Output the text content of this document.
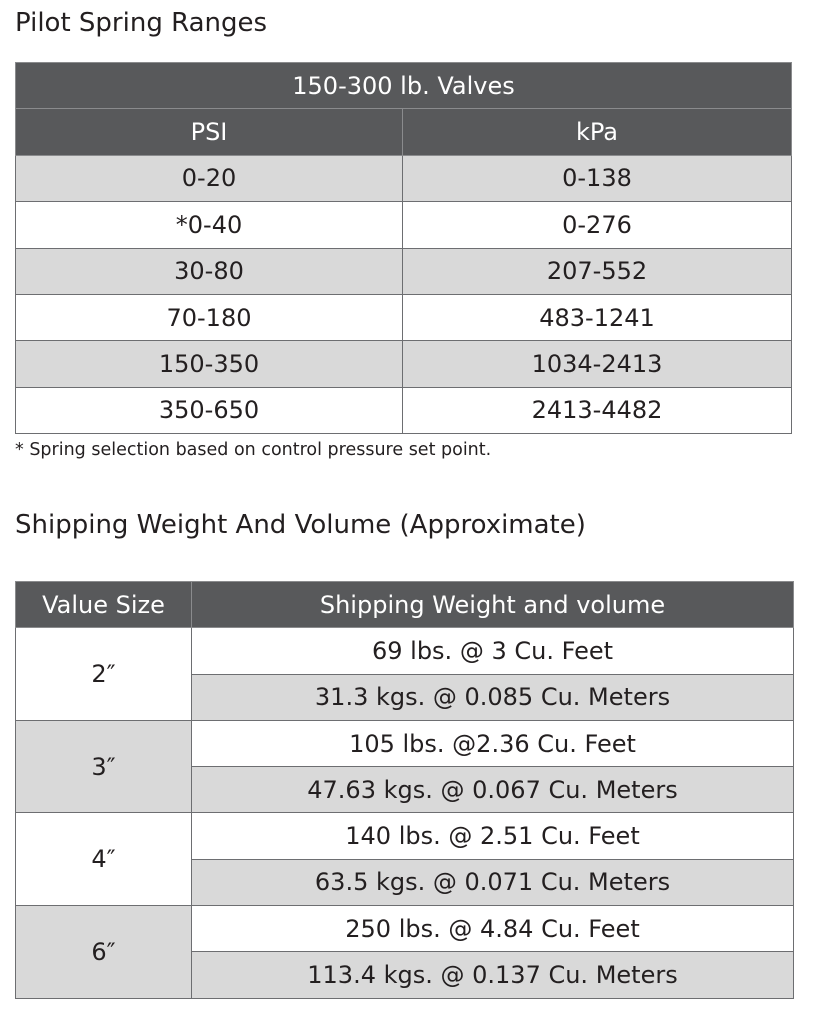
Pilot Spring Ranges
150-300 lb. Valves	
PSI	kPa
0-20	0-138
*0-40	0-276
30-80	207-552
70-180	483-1241
150-350	1034-2413
350-650	2413-4482

* Spring selection based on control pressure set point.

Shipping Weight And Volume (Approximate)
Value Size	Shipping Weight and volume
2″	69 lbs. @ 3 Cu. Feet
	31.3 kgs. @ 0.085 Cu. Meters
3″	105 lbs. @2.36 Cu. Feet
	47.63 kgs. @ 0.067 Cu. Meters
4″	140 lbs. @ 2.51 Cu. Feet
	63.5 kgs. @ 0.071 Cu. Meters
6″	250 lbs. @ 4.84 Cu. Feet
	113.4 kgs. @ 0.137 Cu. Meters
